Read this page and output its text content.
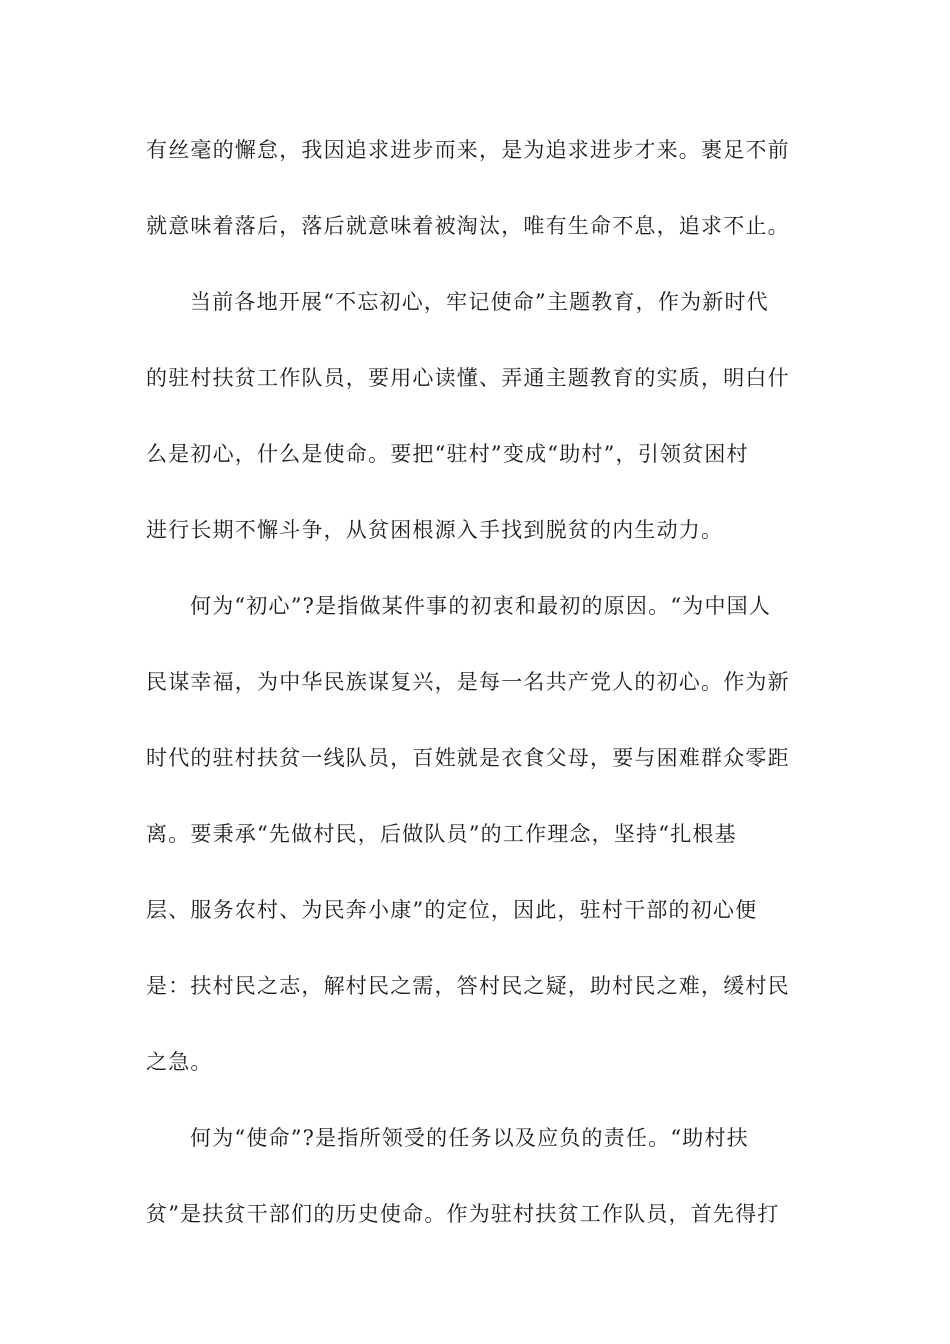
有丝毫的懈怠，我因追求进步而来，是为追求进步才来。裹足不前
就意味着落后，落后就意味着被淘汰，唯有生命不息，追求不止。
当前各地开展“不忘初心，牢记使命”主题教育，作为新时代
的驻村扶贫工作队员，要用心读懂、弄通主题教育的实质，明白什
么是初心，什么是使命。要把“驻村”变成“助村”，引领贫困村
进行长期不懈斗争，从贫困根源入手找到脱贫的内生动力。
何为“初心”?是指做某件事的初衷和最初的原因。“为中国人
民谋幸福，为中华民族谋复兴，是每一名共产党人的初心。作为新
时代的驻村扶贫一线队员，百姓就是衣食父母，要与困难群众零距
离。要秉承“先做村民，后做队员”的工作理念，坚持“扎根基
层、服务农村、为民奔小康”的定位，因此，驻村干部的初心便
是：扶村民之志，解村民之需，答村民之疑，助村民之难，缓村民
之急。
何为“使命”?是指所领受的任务以及应负的责任。“助村扶
贫”是扶贫干部们的历史使命。作为驻村扶贫工作队员，首先得打
